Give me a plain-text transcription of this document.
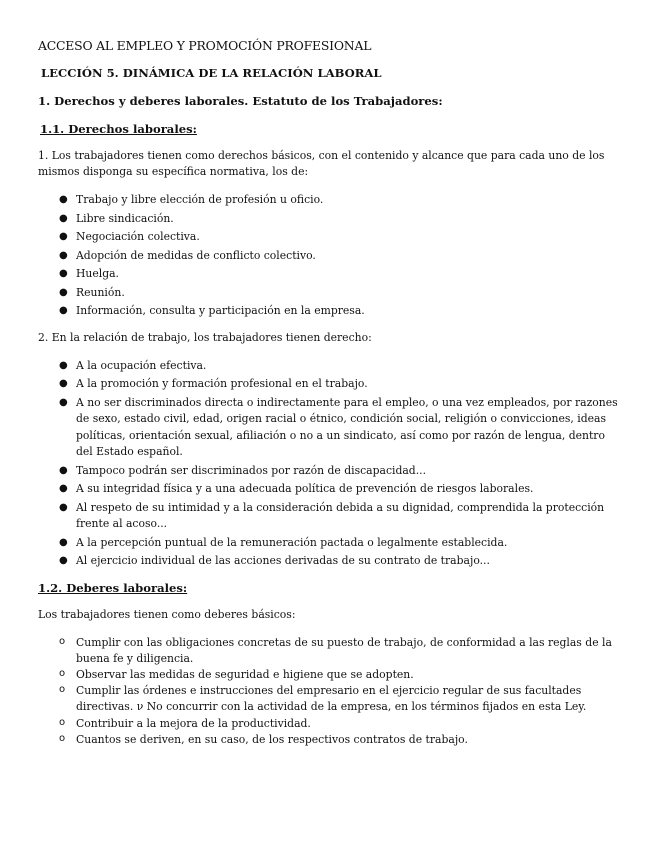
ACCESO AL EMPLEO Y PROMOCIÓN PROFESIONAL
LECCIÓN 5. DINÁMICA DE LA RELACIÓN LABORAL
1. Derechos y deberes laborales. Estatuto de los Trabajadores:
1.1. Derechos laborales:

1. Los trabajadores tienen como derechos básicos, con el contenido y alcance que para cada uno de los mismos disponga su específica normativa, los de:

● Trabajo y libre elección de profesión u oficio.
● Libre sindicación.
● Negociación colectiva.
● Adopción de medidas de conflicto colectivo.
● Huelga.
● Reunión.
● Información, consulta y participación en la empresa.

2. En la relación de trabajo, los trabajadores tienen derecho:

● A la ocupación efectiva.
● A la promoción y formación profesional en el trabajo.
● A no ser discriminados directa o indirectamente para el empleo, o una vez empleados, por razones de sexo, estado civil, edad, origen racial o étnico, condición social, religión o convicciones, ideas políticas, orientación sexual, afiliación o no a un sindicato, así como por razón de lengua, dentro del Estado español.
● Tampoco podrán ser discriminados por razón de discapacidad...
● A su integridad física y a una adecuada política de prevención de riesgos laborales.
● Al respeto de su intimidad y a la consideración debida a su dignidad, comprendida la protección frente al acoso...
● A la percepción puntual de la remuneración pactada o legalmente establecida.
● Al ejercicio individual de las acciones derivadas de su contrato de trabajo...
1.2. Deberes laborales:

Los trabajadores tienen como deberes básicos:

o Cumplir con las obligaciones concretas de su puesto de trabajo, de conformidad a las reglas de la buena fe y diligencia.
o Observar las medidas de seguridad e higiene que se adopten.
o Cumplir las órdenes e instrucciones del empresario en el ejercicio regular de sus facultades directivas. ν No concurrir con la actividad de la empresa, en los términos fijados en esta Ley.
o Contribuir a la mejora de la productividad.
o Cuantos se deriven, en su caso, de los respectivos contratos de trabajo.
